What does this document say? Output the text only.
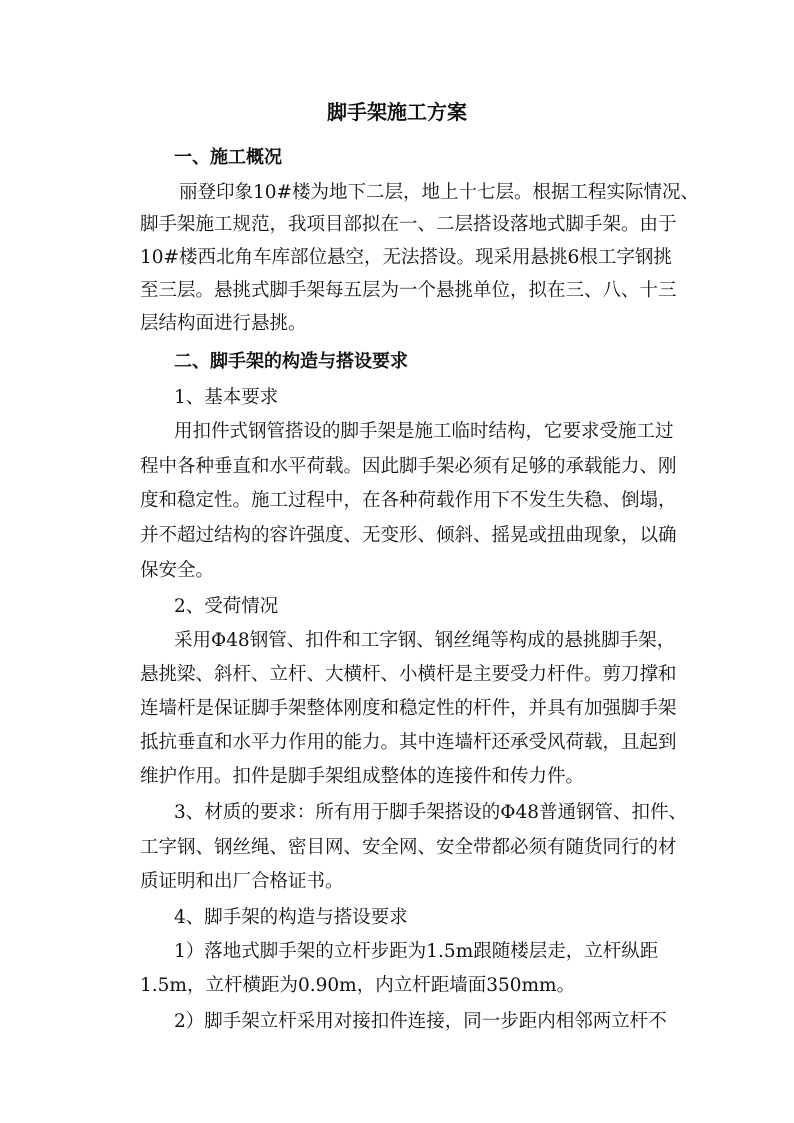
脚手架施工方案
一、施工概况
丽登印象10#楼为地下二层，地上十七层。根据工程实际情况、
脚手架施工规范，我项目部拟在一、二层搭设落地式脚手架。由于
10#楼西北角车库部位悬空，无法搭设。现采用悬挑6根工字钢挑
至三层。悬挑式脚手架每五层为一个悬挑单位，拟在三、八、十三
层结构面进行悬挑。
二、脚手架的构造与搭设要求
1、基本要求
用扣件式钢管搭设的脚手架是施工临时结构，它要求受施工过
程中各种垂直和水平荷载。因此脚手架必须有足够的承载能力、刚
度和稳定性。施工过程中，在各种荷载作用下不发生失稳、倒塌，
并不超过结构的容许强度、无变形、倾斜、摇晃或扭曲现象，以确
保安全。
2、受荷情况
采用Φ48钢管、扣件和工字钢、钢丝绳等构成的悬挑脚手架，
悬挑梁、斜杆、立杆、大横杆、小横杆是主要受力杆件。剪刀撑和
连墙杆是保证脚手架整体刚度和稳定性的杆件，并具有加强脚手架
抵抗垂直和水平力作用的能力。其中连墙杆还承受风荷载，且起到
维护作用。扣件是脚手架组成整体的连接件和传力件。
3、材质的要求：所有用于脚手架搭设的Φ48普通钢管、扣件、
工字钢、钢丝绳、密目网、安全网、安全带都必须有随货同行的材
质证明和出厂合格证书。
4、脚手架的构造与搭设要求
1）落地式脚手架的立杆步距为1.5m跟随楼层走，立杆纵距
1.5m，立杆横距为0.90m，内立杆距墙面350mm。
2）脚手架立杆采用对接扣件连接，同一步距内相邻两立杆不
